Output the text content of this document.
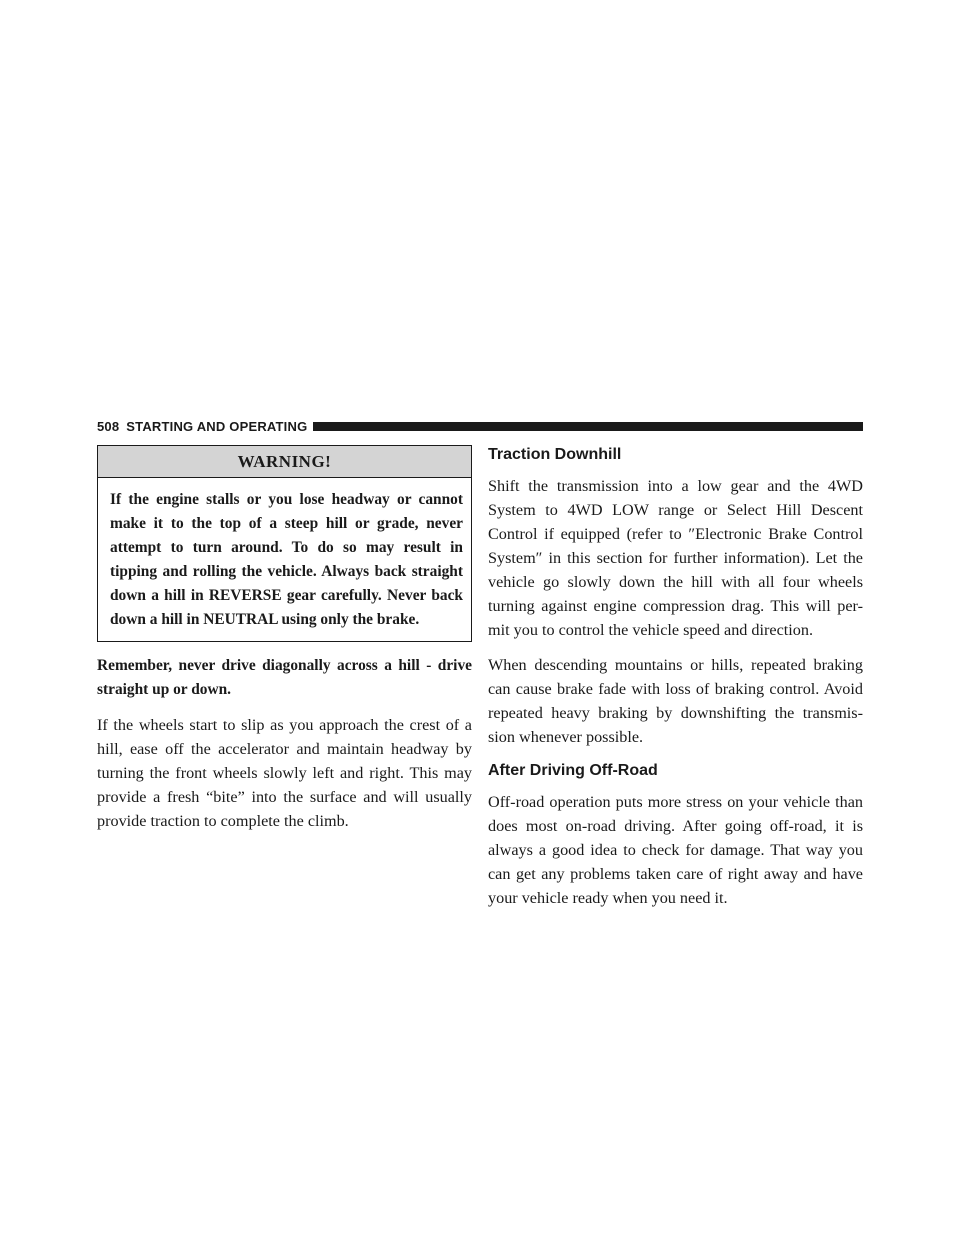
508 STARTING AND OPERATING
WARNING!

If the engine stalls or you lose headway or cannot make it to the top of a steep hill or grade, never attempt to turn around. To do so may result in tipping and rolling the vehicle. Always back straight down a hill in REVERSE gear carefully. Never back down a hill in NEUTRAL using only the brake.

Remember, never drive diagonally across a hill - drive straight up or down.

If the wheels start to slip as you approach the crest of a hill, ease off the accelerator and maintain headway by turning the front wheels slowly left and right. This may provide a fresh “bite” into the surface and will usually provide traction to complete the climb.

Traction Downhill

Shift the transmission into a low gear and the 4WD System to 4WD LOW range or Select Hill Descent Control if equipped (refer to ″Electronic Brake Control System″ in this section for further information). Let the vehicle go slowly down the hill with all four wheels turning against engine compression drag. This will per-mit you to control the vehicle speed and direction.

When descending mountains or hills, repeated braking can cause brake fade with loss of braking control. Avoid repeated heavy braking by downshifting the transmis-sion whenever possible.

After Driving Off-Road

Off-road operation puts more stress on your vehicle than does most on-road driving. After going off-road, it is always a good idea to check for damage. That way you can get any problems taken care of right away and have your vehicle ready when you need it.
